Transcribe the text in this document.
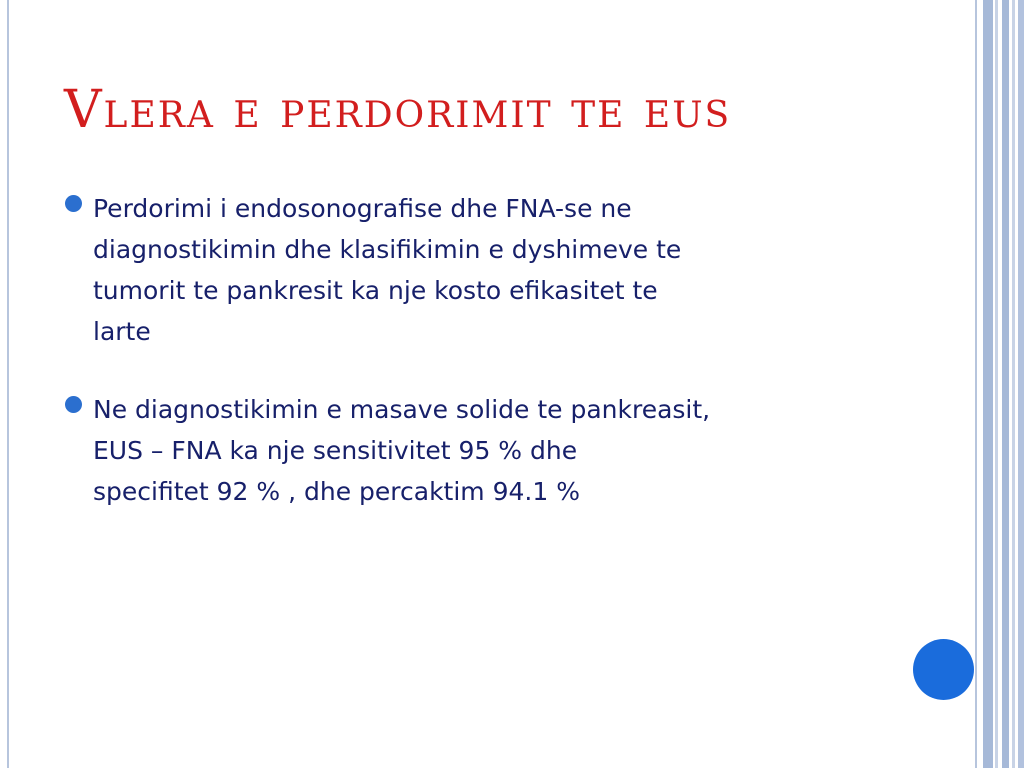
Vlera e perdorimit te eus
Perdorimi i endosonografise dhe FNA-se ne
diagnostikimin dhe klasifikimin e dyshimeve te
tumorit te pankresit ka nje kosto efikasitet te
larte
Ne diagnostikimin e masave solide te pankreasit,
EUS – FNA ka nje sensitivitet 95 % dhe
specifitet 92 % , dhe percaktim 94.1 %
